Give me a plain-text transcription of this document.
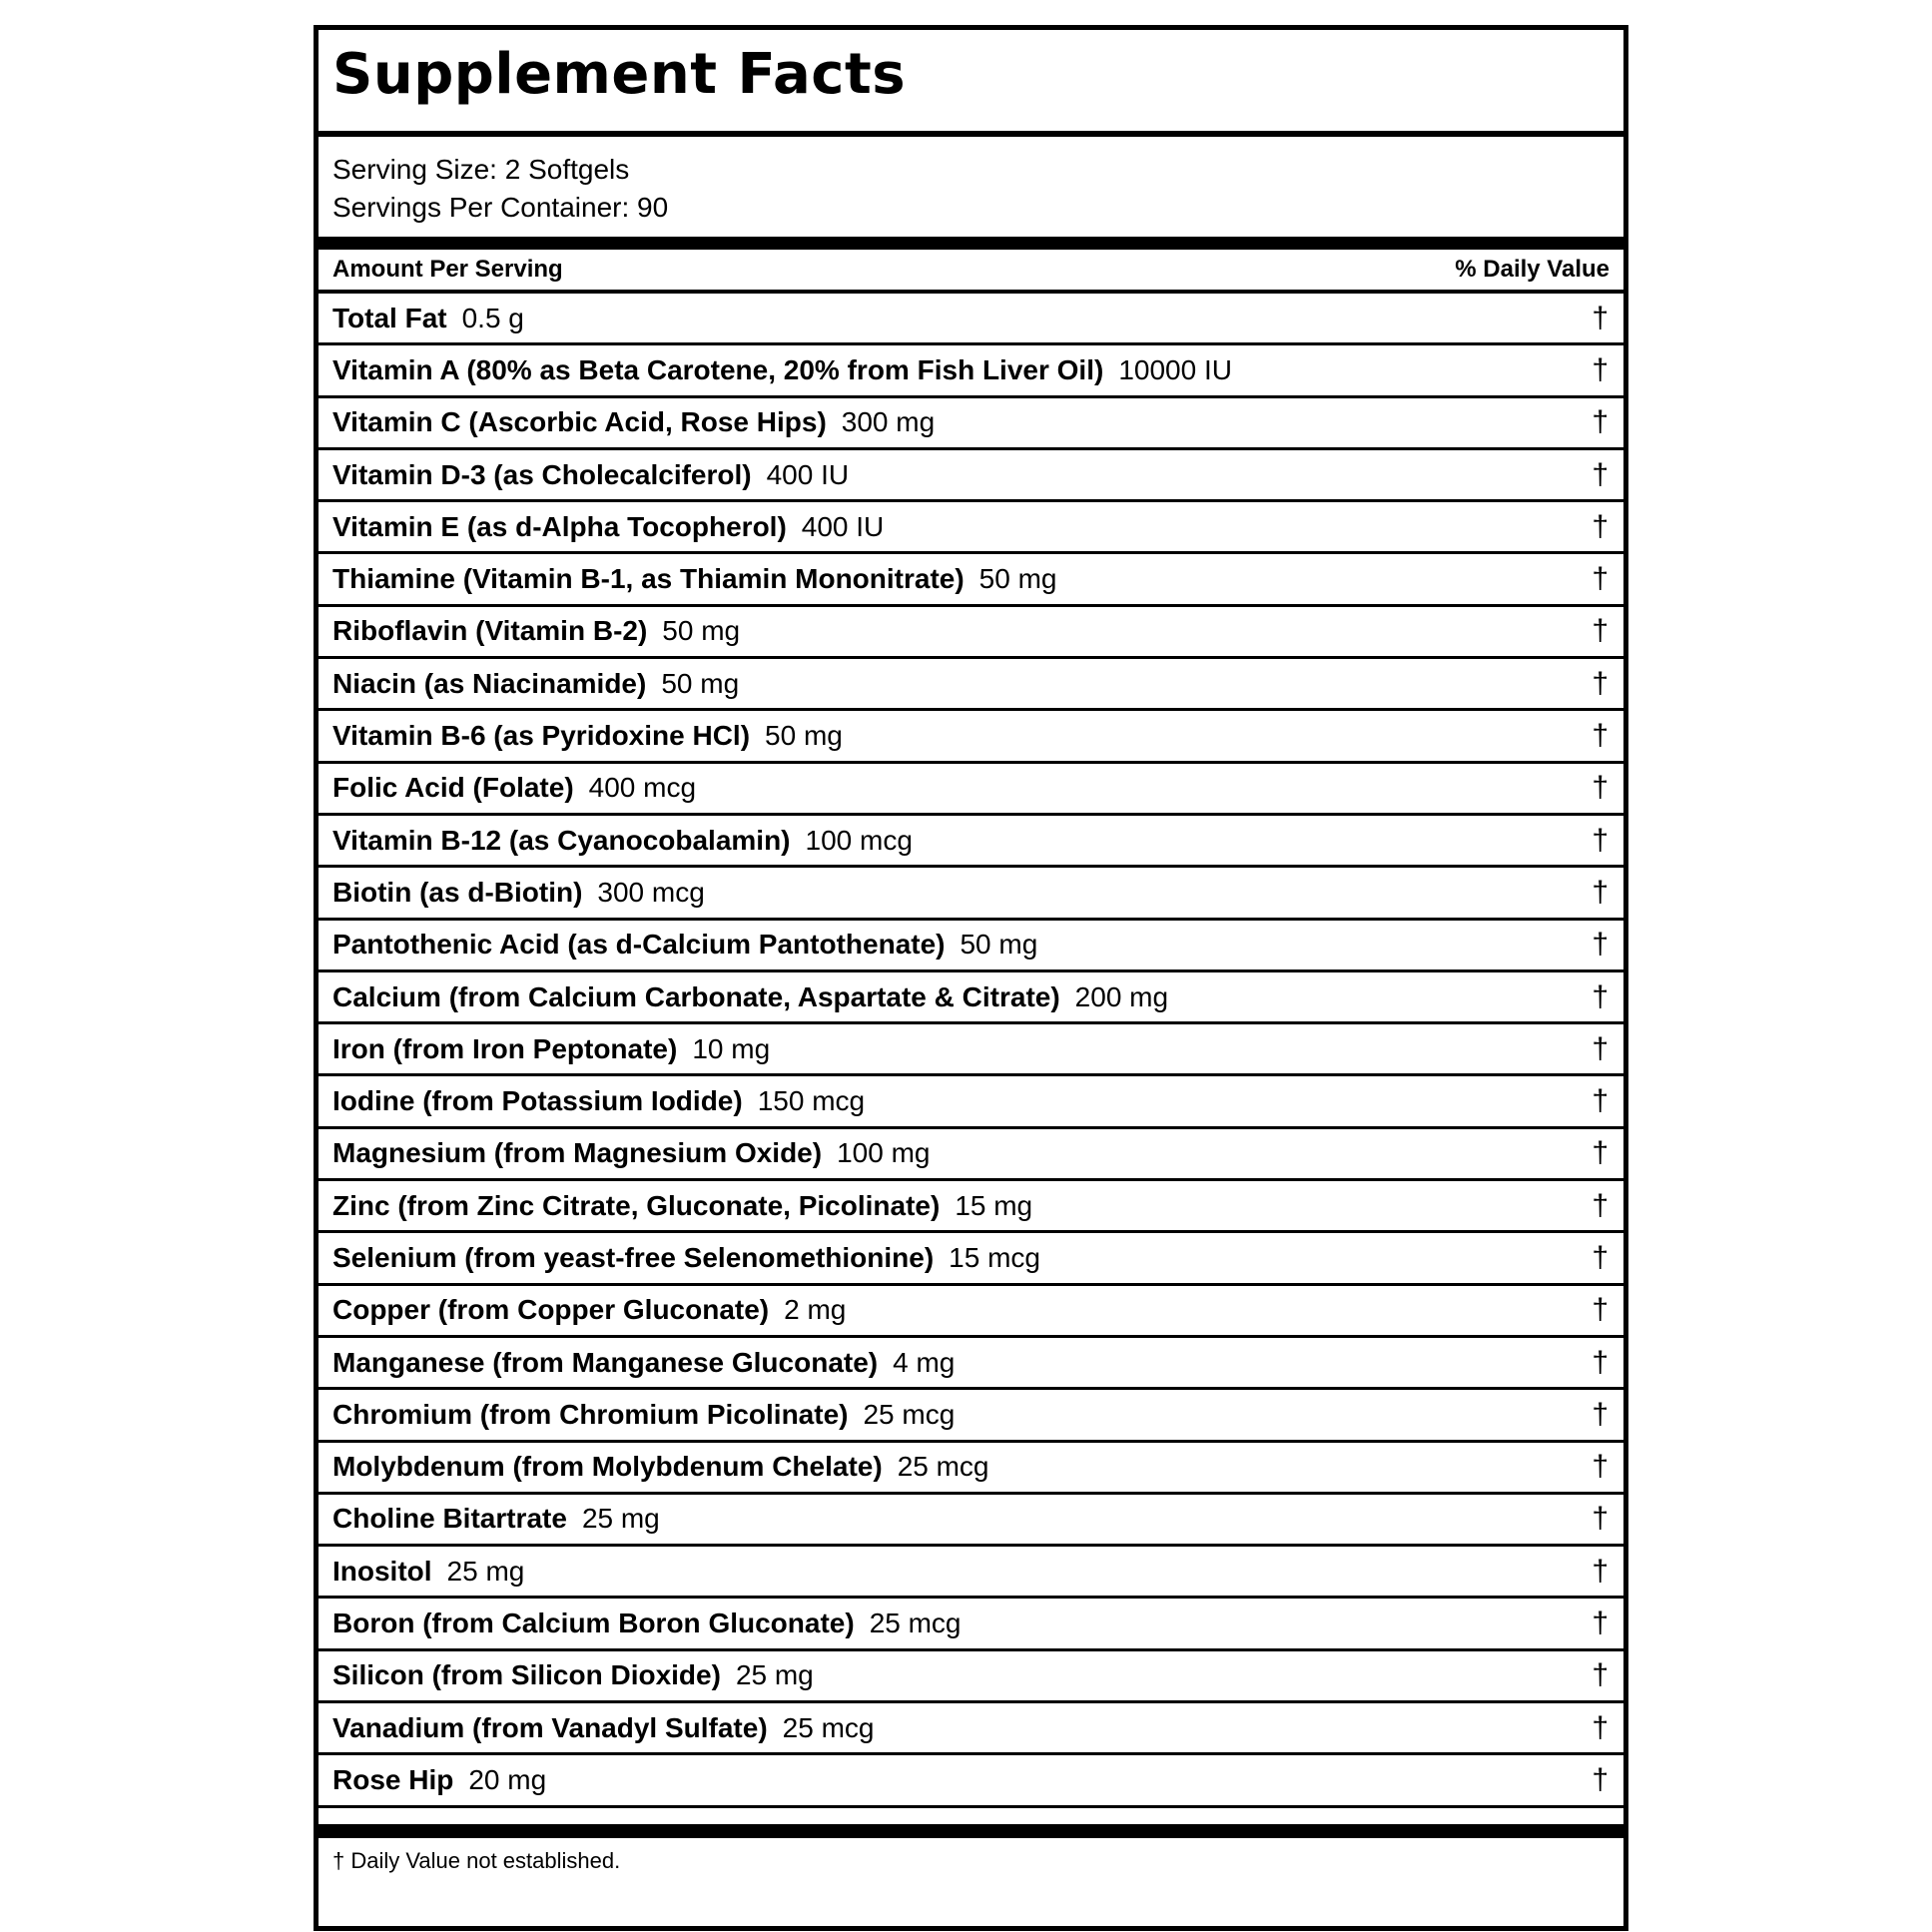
Supplement Facts
Serving Size: 2 Softgels
Servings Per Container: 90
Amount Per Serving	% Daily Value
Total Fat 0.5 g	†
Vitamin A (80% as Beta Carotene, 20% from Fish Liver Oil) 10000 IU	†
Vitamin C (Ascorbic Acid, Rose Hips) 300 mg	†
Vitamin D-3 (as Cholecalciferol) 400 IU	†
Vitamin E (as d-Alpha Tocopherol) 400 IU	†
Thiamine (Vitamin B-1, as Thiamin Mononitrate) 50 mg	†
Riboflavin (Vitamin B-2) 50 mg	†
Niacin (as Niacinamide) 50 mg	†
Vitamin B-6 (as Pyridoxine HCl) 50 mg	†
Folic Acid (Folate) 400 mcg	†
Vitamin B-12 (as Cyanocobalamin) 100 mcg	†
Biotin (as d-Biotin) 300 mcg	†
Pantothenic Acid (as d-Calcium Pantothenate) 50 mg	†
Calcium (from Calcium Carbonate, Aspartate & Citrate) 200 mg	†
Iron (from Iron Peptonate) 10 mg	†
Iodine (from Potassium Iodide) 150 mcg	†
Magnesium (from Magnesium Oxide) 100 mg	†
Zinc (from Zinc Citrate, Gluconate, Picolinate) 15 mg	†
Selenium (from yeast-free Selenomethionine) 15 mcg	†
Copper (from Copper Gluconate) 2 mg	†
Manganese (from Manganese Gluconate) 4 mg	†
Chromium (from Chromium Picolinate) 25 mcg	†
Molybdenum (from Molybdenum Chelate) 25 mcg	†
Choline Bitartrate 25 mg	†
Inositol 25 mg	†
Boron (from Calcium Boron Gluconate) 25 mcg	†
Silicon (from Silicon Dioxide) 25 mg	†
Vanadium (from Vanadyl Sulfate) 25 mcg	†
Rose Hip 20 mg	†
† Daily Value not established.
